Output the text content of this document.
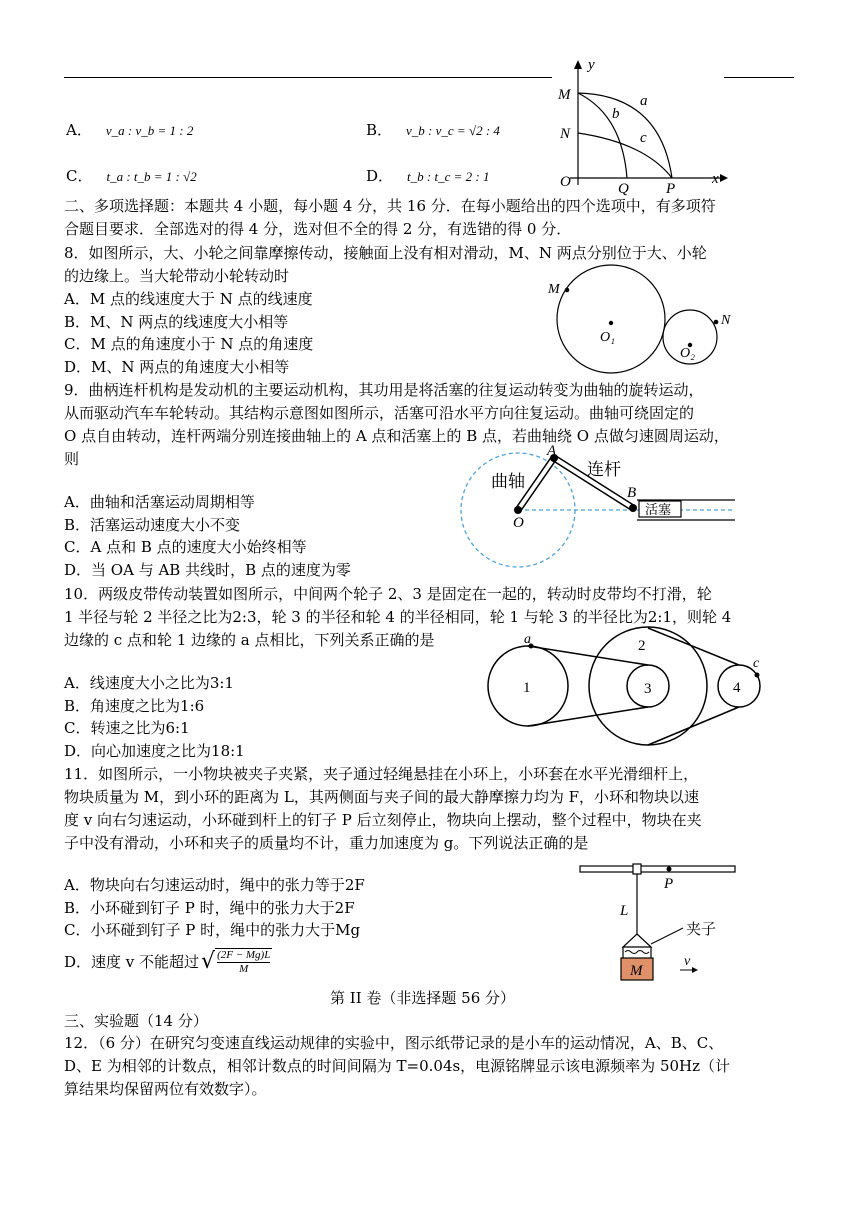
A． v_a : v_b = 1 : 2	B． v_b : v_c = √2 : 4
C． t_a : t_b = 1 : √2	D． t_b : t_c = 2 : 1
y
x
M
N
O	Q P
a
b
c
二、多项选择题：本题共 4 小题，每小题 4 分，共 16 分．在每小题给出的四个选项中，有多项符
合题目要求．全部选对的得 4 分，选对但不全的得 2 分，有选错的得 0 分．
8．如图所示，大、小轮之间靠摩擦传动，接触面上没有相对滑动，M、N 两点分别位于大、小轮
的边缘上。当大轮带动小轮转动时
A．M 点的线速度大于 N 点的线速度
B．M、N 两点的线速度大小相等
C．M 点的角速度小于 N 点的角速度
D．M、N 两点的角速度大小相等
M
N
O₁
O₂
9．曲柄连杆机构是发动机的主要运动机构，其功用是将活塞的往复运动转变为曲轴的旋转运动，
从而驱动汽车车轮转动。其结构示意图如图所示，活塞可沿水平方向往复运动。曲轴可绕固定的
O 点自由转动，连杆两端分别连接曲轴上的 A 点和活塞上的 B 点，若曲轴绕 O 点做匀速圆周运动，
则
A．曲轴和活塞运动周期相等
B．活塞运动速度大小不变
C．A 点和 B 点的速度大小始终相等
D．当 OA 与 AB 共线时，B 点的速度为零
活塞
曲轴
连杆
A
B
O
10．两级皮带传动装置如图所示，中间两个轮子 2、3 是固定在一起的，转动时皮带均不打滑，轮
1 半径与轮 2 半径之比为2:3，轮 3 的半径和轮 4 的半径相同，轮 1 与轮 3 的半径比为2:1，则轮 4
边缘的 c 点和轮 1 边缘的 a 点相比，下列关系正确的是
A．线速度大小之比为3:1
B．角速度之比为1:6
C．转速之比为6:1
D．向心加速度之比为18:1
a
c
1
2
3	4
11．如图所示，一小物块被夹子夹紧，夹子通过轻绳悬挂在小环上，小环套在水平光滑细杆上，
物块质量为 M，到小环的距离为 L，其两侧面与夹子间的最大静摩擦力均为 F，小环和物块以速
度 v 向右匀速运动，小环碰到杆上的钉子 P 后立刻停止，物块向上摆动，整个过程中，物块在夹
子中没有滑动，小环和夹子的质量均不计，重力加速度为 g。下列说法正确的是
A．物块向右匀速运动时，绳中的张力等于2F
B．小环碰到钉子 P 时，绳中的张力大于2F
C．小环碰到钉子 P 时，绳中的张力大于Mg
D．速度 v 不能超过√ $\frac{(2F - Mg)L}{M}$
P
L
夹子
M
v
第 II 卷（非选择题 56 分）
三、实验题（14 分）
12．（6 分）在研究匀变速直线运动规律的实验中，图示纸带记录的是小车的运动情况，A、B、C、
D、E 为相邻的计数点，相邻计数点的时间间隔为 T=0.04s，电源铭牌显示该电源频率为 50Hz（计
算结果均保留两位有效数字）。
